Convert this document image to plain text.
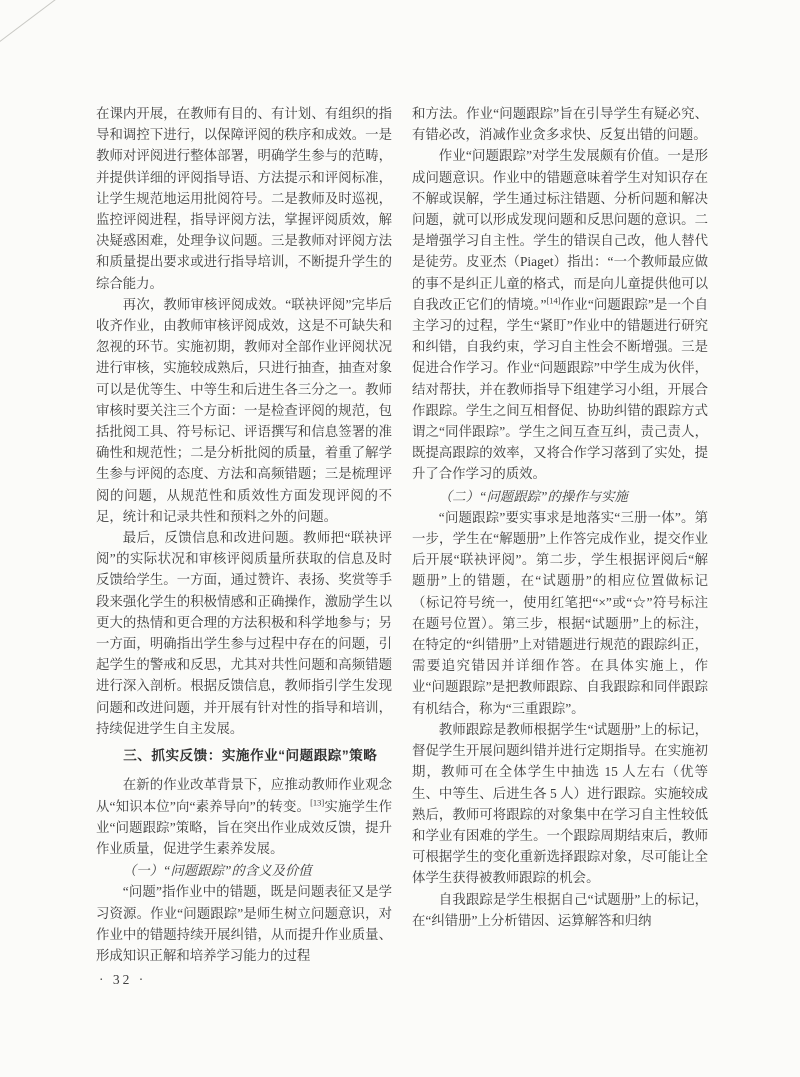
在课内开展，在教师有目的、有计划、有组织的指导和调控下进行，以保障评阅的秩序和成效。一是教师对评阅进行整体部署，明确学生参与的范畴，并提供详细的评阅指导语、方法提示和评阅标准，让学生规范地运用批阅符号。二是教师及时巡视，监控评阅进程，指导评阅方法，掌握评阅质效，解决疑惑困难，处理争议问题。三是教师对评阅方法和质量提出要求或进行指导培训，不断提升学生的综合能力。

再次，教师审核评阅成效。“联袂评阅”完毕后收齐作业，由教师审核评阅成效，这是不可缺失和忽视的环节。实施初期，教师对全部作业评阅状况进行审核，实施较成熟后，只进行抽查，抽查对象可以是优等生、中等生和后进生各三分之一。教师审核时要关注三个方面：一是检查评阅的规范，包括批阅工具、符号标记、评语撰写和信息签署的准确性和规范性；二是分析批阅的质量，着重了解学生参与评阅的态度、方法和高频错题；三是梳理评阅的问题，从规范性和质效性方面发现评阅的不足，统计和记录共性和预料之外的问题。

最后，反馈信息和改进问题。教师把“联袂评阅”的实际状况和审核评阅质量所获取的信息及时反馈给学生。一方面，通过赞许、表扬、奖赏等手段来强化学生的积极情感和正确操作，激励学生以更大的热情和更合理的方法积极和科学地参与；另一方面，明确指出学生参与过程中存在的问题，引起学生的警戒和反思，尤其对共性问题和高频错题进行深入剖析。根据反馈信息，教师指引学生发现问题和改进问题，并开展有针对性的指导和培训，持续促进学生自主发展。

三、抓实反馈：实施作业“问题跟踪”策略

在新的作业改革背景下，应推动教师作业观念从“知识本位”向“素养导向”的转变。[13]实施学生作业“问题跟踪”策略，旨在突出作业成效反馈，提升作业质量，促进学生素养发展。

（一）“问题跟踪”的含义及价值

“问题”指作业中的错题，既是问题表征又是学习资源。作业“问题跟踪”是师生树立问题意识，对作业中的错题持续开展纠错，从而提升作业质量、形成知识正解和培养学习能力的过程

和方法。作业“问题跟踪”旨在引导学生有疑必究、有错必改，消减作业贪多求快、反复出错的问题。

作业“问题跟踪”对学生发展颇有价值。一是形成问题意识。作业中的错题意味着学生对知识存在不解或误解，学生通过标注错题、分析问题和解决问题，就可以形成发现问题和反思问题的意识。二是增强学习自主性。学生的错误自己改，他人替代是徒劳。皮亚杰（Piaget）指出：“一个教师最应做的事不是纠正儿童的格式，而是向儿童提供他可以自我改正它们的情境。”[14]作业“问题跟踪”是一个自主学习的过程，学生“紧盯”作业中的错题进行研究和纠错，自我约束，学习自主性会不断增强。三是促进合作学习。作业“问题跟踪”中学生成为伙伴，结对帮扶，并在教师指导下组建学习小组，开展合作跟踪。学生之间互相督促、协助纠错的跟踪方式谓之“同伴跟踪”。学生之间互查互纠，责己责人，既提高跟踪的效率，又将合作学习落到了实处，提升了合作学习的质效。

（二）“问题跟踪”的操作与实施

“问题跟踪”要实事求是地落实“三册一体”。第一步，学生在“解题册”上作答完成作业，提交作业后开展“联袂评阅”。第二步，学生根据评阅后“解题册”上的错题，在“试题册”的相应位置做标记（标记符号统一，使用红笔把“×”或“☆”符号标注在题号位置）。第三步，根据“试题册”上的标注，在特定的“纠错册”上对错题进行规范的跟踪纠正，需要追究错因并详细作答。在具体实施上，作业“问题跟踪”是把教师跟踪、自我跟踪和同伴跟踪有机结合，称为“三重跟踪”。

教师跟踪是教师根据学生“试题册”上的标记，督促学生开展问题纠错并进行定期指导。在实施初期，教师可在全体学生中抽选 15 人左右（优等生、中等生、后进生各 5 人）进行跟踪。实施较成熟后，教师可将跟踪的对象集中在学习自主性较低和学业有困难的学生。一个跟踪周期结束后，教师可根据学生的变化重新选择跟踪对象，尽可能让全体学生获得被教师跟踪的机会。

自我跟踪是学生根据自己“试题册”上的标记，在“纠错册”上分析错因、运算解答和归纳

· 32 ·
